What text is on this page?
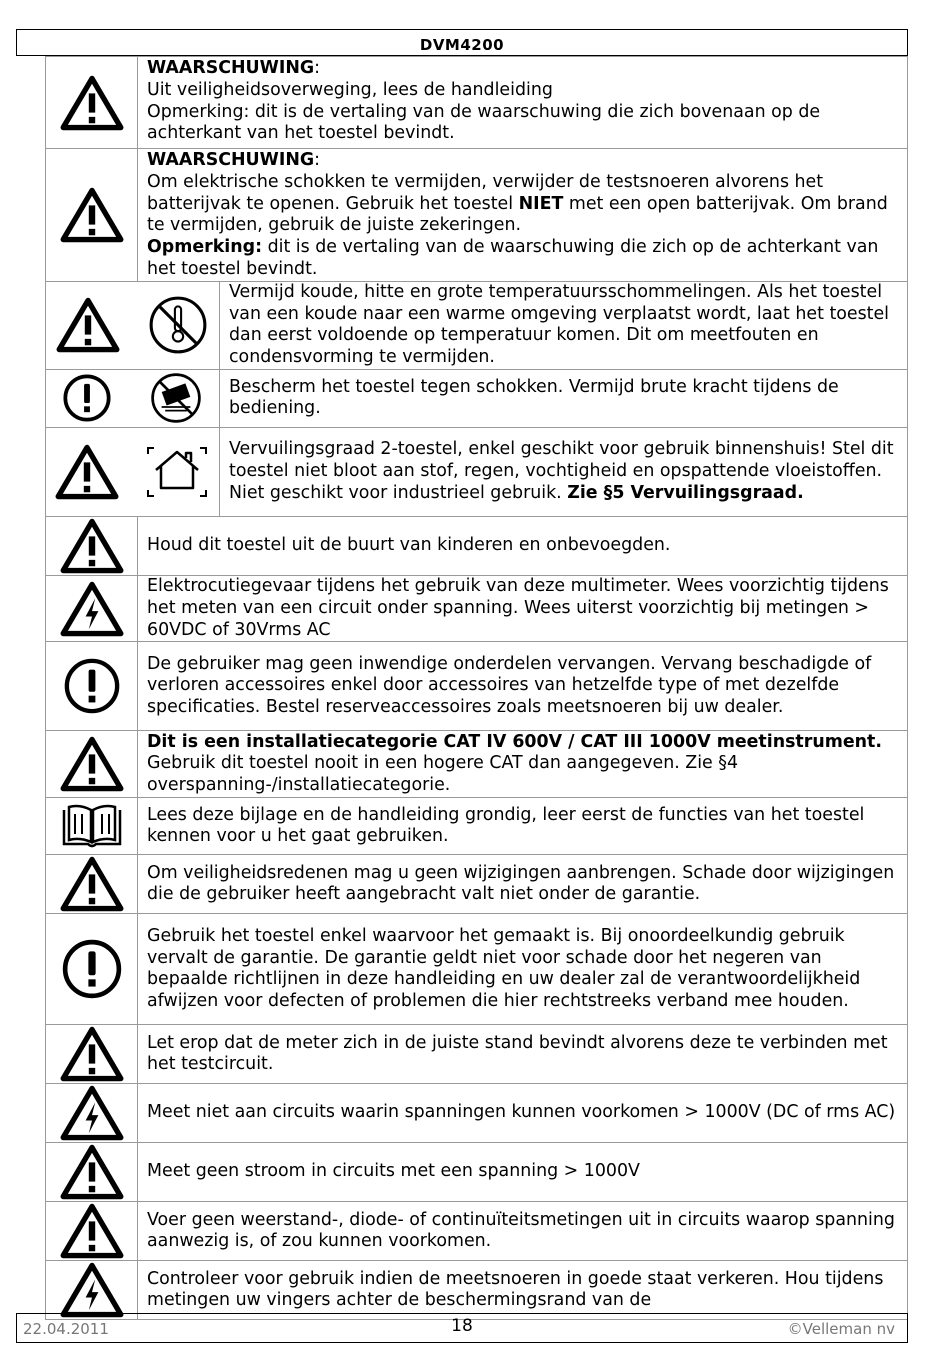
DVM4200
	WAARSCHUWING:
Uit veiligheidsoverweging, lees de handleiding
Opmerking: dit is de vertaling van de waarschuwing die zich bovenaan op de achterkant van het toestel bevindt.	

	WAARSCHUWING:
Om elektrische schokken te vermijden, verwijder de testsnoeren alvorens het batterijvak te openen. Gebruik het toestel NIET met een open batterijvak. Om brand te vermijden, gebruik de juiste zekeringen.
Opmerking: dit is de vertaling van de waarschuwing die zich op de achterkant van het toestel bevindt.	

	Vermijd koude, hitte en grote temperatuursschommelingen. Als het toestel van een koude naar een warme omgeving verplaatst wordt, laat het toestel dan eerst voldoende op temperatuur komen. Dit om meetfouten en condensvorming te vermijden.

	Bescherm het toestel tegen schokken. Vermijd brute kracht tijdens de bediening.

	Vervuilingsgraad 2-toestel, enkel geschikt voor gebruik binnenshuis! Stel dit toestel niet bloot aan stof, regen, vochtigheid en opspattende vloeistoffen. Niet geschikt voor industrieel gebruik. Zie §5 Vervuilingsgraad.

	Houd dit toestel uit de buurt van kinderen en onbevoegden.	

	Elektrocutiegevaar tijdens het gebruik van deze multimeter. Wees voorzichtig tijdens het meten van een circuit onder spanning. Wees uiterst voorzichtig bij metingen > 60VDC of 30Vrms AC	

	De gebruiker mag geen inwendige onderdelen vervangen. Vervang beschadigde of verloren accessoires enkel door accessoires van hetzelfde type of met dezelfde specificaties. Bestel reserveaccessoires zoals meetsnoeren bij uw dealer.	

	Dit is een installatiecategorie CAT IV 600V / CAT III 1000V meetinstrument. Gebruik dit toestel nooit in een hogere CAT dan aangegeven. Zie §4 overspanning-/installatiecategorie.	

	Lees deze bijlage en de handleiding grondig, leer eerst de functies van het toestel kennen voor u het gaat gebruiken.	

	Om veiligheidsredenen mag u geen wijzigingen aanbrengen. Schade door wijzigingen die de gebruiker heeft aangebracht valt niet onder de garantie.	

	Gebruik het toestel enkel waarvoor het gemaakt is. Bij onoordeelkundig gebruik vervalt de garantie. De garantie geldt niet voor schade door het negeren van bepaalde richtlijnen in deze handleiding en uw dealer zal de verantwoordelijkheid afwijzen voor defecten of problemen die hier rechtstreeks verband mee houden.	

	Let erop dat de meter zich in de juiste stand bevindt alvorens deze te verbinden met het testcircuit.	

	Meet niet aan circuits waarin spanningen kunnen voorkomen > 1000V (DC of rms AC)	

	Meet geen stroom in circuits met een spanning > 1000V	

	Voer geen weerstand-, diode- of continuïteitsmetingen uit in circuits waarop spanning aanwezig is, of zou kunnen voorkomen.	

	Controleer voor gebruik indien de meetsnoeren in goede staat verkeren. Hou tijdens metingen uw vingers achter de beschermingsrand van de	
22.04.2011	18	©Velleman nv
